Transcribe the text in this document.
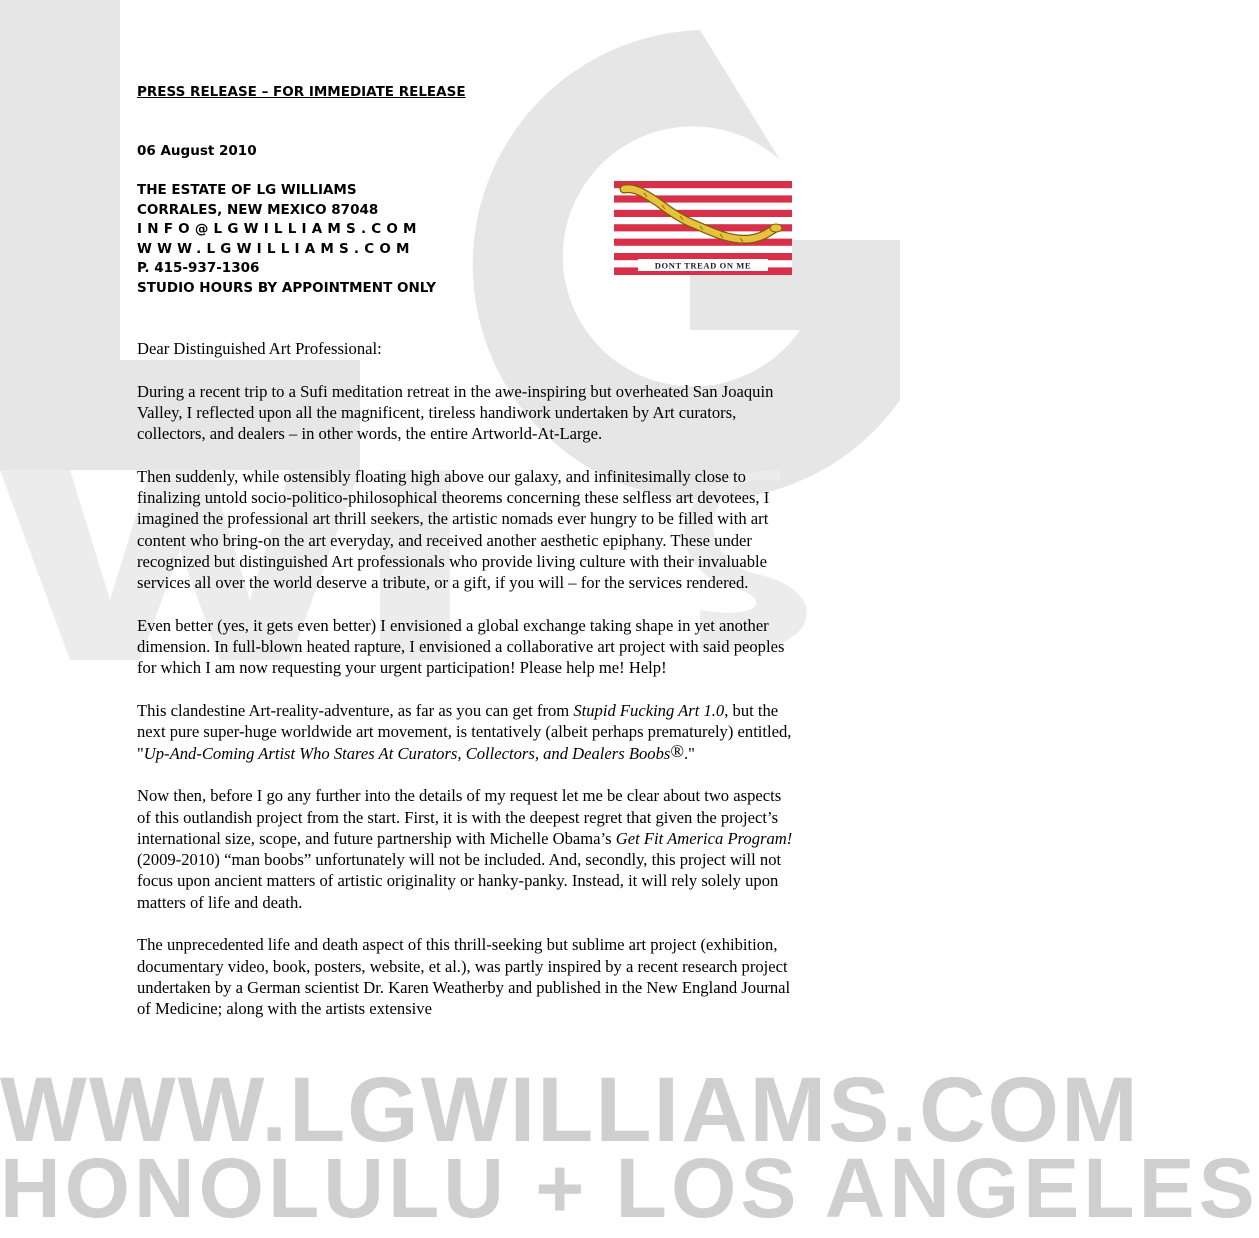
WWW.LGWILLIAMS.COM
HONOLULU + LOS ANGELES
PRESS RELEASE – FOR IMMEDIATE RELEASE
06 August 2010
THE ESTATE OF LG WILLIAMS
CORRALES, NEW MEXICO 87048
INFO@LGWILLIAMS.COM
WWW.LGWILLIAMS.COM
P. 415-937-1306
STUDIO HOURS BY APPOINTMENT ONLY
DONT TREAD ON ME

Dear Distinguished Art Professional:

During a recent trip to a Sufi meditation retreat in the awe-inspiring but overheated San Joaquin Valley, I reflected upon all the magnificent, tireless handiwork undertaken by Art curators, collectors, and dealers – in other words, the entire Artworld-At-Large.

Then suddenly, while ostensibly floating high above our galaxy, and infinitesimally close to finalizing untold socio-politico-philosophical theorems concerning these selfless art devotees, I imagined the professional art thrill seekers, the artistic nomads ever hungry to be filled with art content who bring-on the art everyday, and received another aesthetic epiphany. These under recognized but distinguished Art professionals who provide living culture with their invaluable services all over the world deserve a tribute, or a gift, if you will – for the services rendered.

Even better (yes, it gets even better) I envisioned a global exchange taking shape in yet another dimension. In full-blown heated rapture, I envisioned a collaborative art project with said peoples for which I am now requesting your urgent participation! Please help me! Help!

This clandestine Art-reality-adventure, as far as you can get from Stupid Fucking Art 1.0, but the next pure super-huge worldwide art movement, is tentatively (albeit perhaps prematurely) entitled, "Up-And-Coming Artist Who Stares At Curators, Collectors, and Dealers Boobs®."

Now then, before I go any further into the details of my request let me be clear about two aspects of this outlandish project from the start. First, it is with the deepest regret that given the project’s international size, scope, and future partnership with Michelle Obama’s Get Fit America Program! (2009-2010) “man boobs” unfortunately will not be included. And, secondly, this project will not focus upon ancient matters of artistic originality or hanky-panky. Instead, it will rely solely upon matters of life and death.

The unprecedented life and death aspect of this thrill-seeking but sublime art project (exhibition, documentary video, book, posters, website, et al.), was partly inspired by a recent research project undertaken by a German scientist Dr. Karen Weatherby and published in the New England Journal of Medicine; along with the artists extensive
